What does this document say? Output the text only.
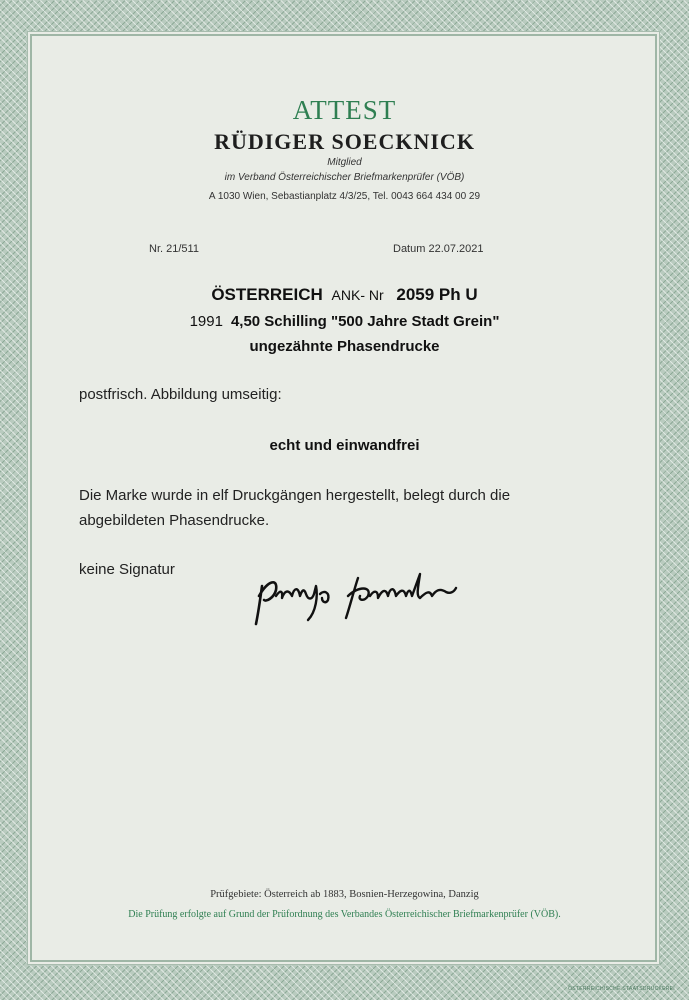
ATTEST
RÜDIGER SOECKNICK
Mitglied
im Verband Österreichischer Briefmarkenprüfer (VÖB)
A 1030 Wien, Sebastianplatz 4/3/25, Tel. 0043 664 434 00 29
Nr. 21/511	Datum 22.07.2021
ÖSTERREICH ANK- Nr 2059 Ph U
1991 4,50 Schilling "500 Jahre Stadt Grein"
ungezähnte Phasendrucke
postfrisch. Abbildung umseitig:
echt und einwandfrei
Die Marke wurde in elf Druckgängen hergestellt, belegt durch die
abgebildeten Phasendrucke.
keine Signatur
Prüfgebiete: Österreich ab 1883, Bosnien-Herzegowina, Danzig
Die Prüfung erfolgte auf Grund der Prüfordnung des Verbandes Österreichischer Briefmarkenprüfer (VÖB).
ÖSTERREICHISCHE STAATSDRUCKEREI
